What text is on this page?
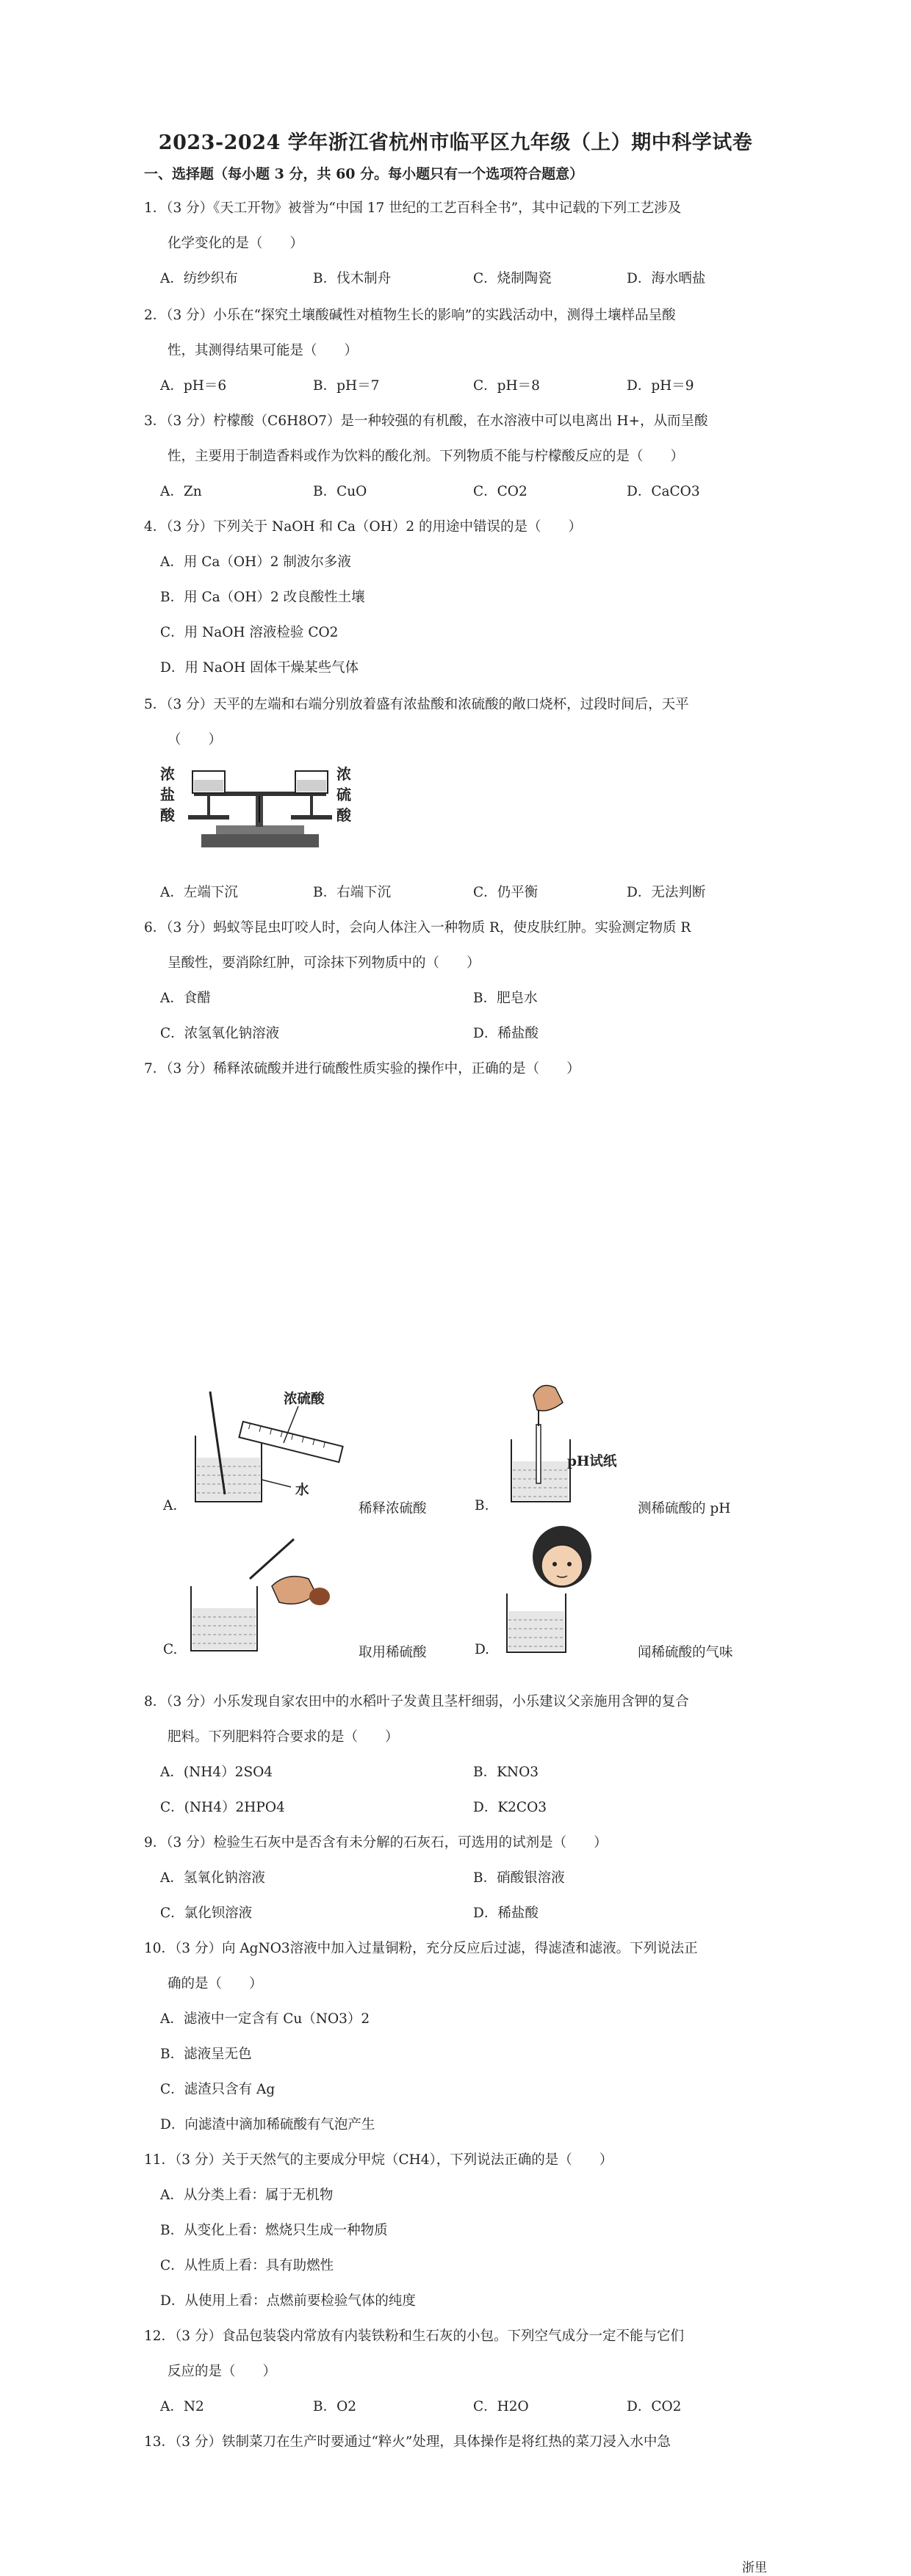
2023-2024 学年浙江省杭州市临平区九年级（上）期中科学试卷
一、选择题（每小题 3 分，共 60 分。每小题只有一个选项符合题意）
1．（3 分）《天工开物》被誉为“中国 17 世纪的工艺百科全书”，其中记载的下列工艺涉及
化学变化的是（　　）
A．纺纱织布	B．伐木制舟	C．烧制陶瓷	D．海水晒盐
2．（3 分）小乐在“探究土壤酸碱性对植物生长的影响”的实践活动中，测得土壤样品呈酸
性，其测得结果可能是（　　）
A．pH＝6	B．pH＝7	C．pH＝8	D．pH＝9
3．（3 分）柠檬酸（C6H8O7）是一种较强的有机酸，在水溶液中可以电离出 H+，从而呈酸
性，主要用于制造香料或作为饮料的酸化剂。下列物质不能与柠檬酸反应的是（　　）
A．Zn	B．CuO	C．CO2	D．CaCO3
4．（3 分）下列关于 NaOH 和 Ca（OH）2 的用途中错误的是（　　）
A．用 Ca（OH）2 制波尔多液
B．用 Ca（OH）2 改良酸性土壤
C．用 NaOH 溶液检验 CO2
D．用 NaOH 固体干燥某些气体
5．（3 分）天平的左端和右端分别放着盛有浓盐酸和浓硫酸的敞口烧杯，过段时间后，天平
（　　）
浓
盐
酸
浓
硫
酸
A．左端下沉	B．右端下沉	C．仍平衡	D．无法判断
6．（3 分）蚂蚁等昆虫叮咬人时，会向人体注入一种物质 R，使皮肤红肿。实验测定物质 R
呈酸性，要消除红肿，可涂抹下列物质中的（　　）
A．食醋	B．肥皂水
C．浓氢氧化钠溶液	D．稀盐酸
7．（3 分）稀释浓硫酸并进行硫酸性质实验的操作中，正确的是（　　）
A.
浓硫酸
水
稀释浓硫酸	B.
pH试纸
测稀硫酸的 pH
C.	取用稀硫酸	D.	闻稀硫酸的气味
8．（3 分）小乐发现自家农田中的水稻叶子发黄且茎杆细弱，小乐建议父亲施用含钾的复合
肥料。下列肥料符合要求的是（　　）
A．(NH4）2SO4	B．KNO3
C．(NH4）2HPO4	D．K2CO3
9．（3 分）检验生石灰中是否含有未分解的石灰石，可选用的试剂是（　　）
A．氢氧化钠溶液	B．硝酸银溶液
C．氯化钡溶液	D．稀盐酸
10．（3 分）向 AgNO3溶液中加入过量铜粉，充分反应后过滤，得滤渣和滤液。下列说法正
确的是（　　）
A．滤液中一定含有 Cu（NO3）2
B．滤液呈无色
C．滤渣只含有 Ag
D．向滤渣中滴加稀硫酸有气泡产生
11．（3 分）关于天然气的主要成分甲烷（CH4），下列说法正确的是（　　）
A．从分类上看：属于无机物
B．从变化上看：燃烧只生成一种物质
C．从性质上看：具有助燃性
D．从使用上看：点燃前要检验气体的纯度
12．（3 分）食品包装袋内常放有内装铁粉和生石灰的小包。下列空气成分一定不能与它们
反应的是（　　）
A．N2	B．O2	C．H2O	D．CO2
13．（3 分）铁制菜刀在生产时要通过“粹火”处理，具体操作是将红热的菜刀浸入水中急
浙里
